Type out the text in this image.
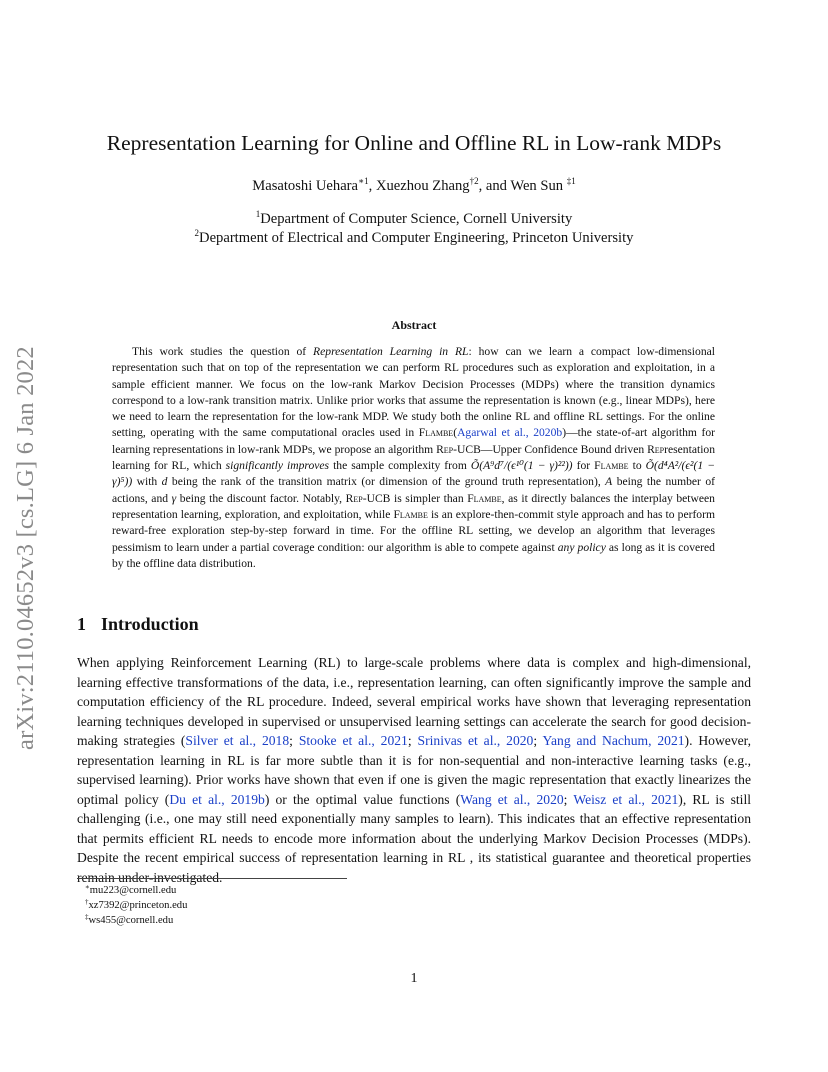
arXiv:2110.04652v3 [cs.LG] 6 Jan 2022
Representation Learning for Online and Offline RL in Low-rank MDPs
Masatoshi Uehara$^{∗1}$, Xuezhou Zhang$^{\dagger 2}$, and Wen Sun $^{\ddagger 1}$
$^1$Department of Computer Science, Cornell University
$^2$Department of Electrical and Computer Engineering, Princeton University
Abstract

This work studies the question of Representation Learning in RL: how can we learn a compact low-dimensional representation such that on top of the representation we can perform RL procedures such as exploration and exploitation, in a sample efficient manner. We focus on the low-rank Markov Decision Processes (MDPs) where the transition dynamics correspond to a low-rank transition matrix. Unlike prior works that assume the representation is known (e.g., linear MDPs), here we need to learn the representation for the low-rank MDP. We study both the online RL and offline RL settings. For the online setting, operating with the same computational oracles used in Flambe(Agarwal et al., 2020b)—the state-of-art algorithm for learning representations in low-rank MDPs, we propose an algorithm Rep-UCB—Upper Confidence Bound driven Representation learning for RL, which significantly improves the sample complexity from Õ(A⁹d⁷/(ϵ¹⁰(1 − γ)²²)) for Flambe to Õ(d⁴A²/(ϵ²(1 − γ)⁵)) with d being the rank of the transition matrix (or dimension of the ground truth representation), A being the number of actions, and γ being the discount factor. Notably, Rep-UCB is simpler than Flambe, as it directly balances the interplay between representation learning, exploration, and exploitation, while Flambe is an explore-then-commit style approach and has to perform reward-free exploration step-by-step forward in time. For the offline RL setting, we develop an algorithm that leverages pessimism to learn under a partial coverage condition: our algorithm is able to compete against any policy as long as it is covered by the offline data distribution.

1 Introduction

When applying Reinforcement Learning (RL) to large-scale problems where data is complex and high-dimensional, learning effective transformations of the data, i.e., representation learning, can often significantly improve the sample and computation efficiency of the RL procedure. Indeed, several empirical works have shown that leveraging representation learning techniques developed in supervised or unsupervised learning settings can accelerate the search for good decision-making strategies (Silver et al., 2018; Stooke et al., 2021; Srinivas et al., 2020; Yang and Nachum, 2021). However, representation learning in RL is far more subtle than it is for non-sequential and non-interactive learning tasks (e.g., supervised learning). Prior works have shown that even if one is given the magic representation that exactly linearizes the optimal policy (Du et al., 2019b) or the optimal value functions (Wang et al., 2020; Weisz et al., 2021), RL is still challenging (i.e., one may still need exponentially many samples to learn). This indicates that an effective representation that permits efficient RL needs to encode more information about the underlying Markov Decision Processes (MDPs). Despite the recent empirical success of representation learning in RL , its statistical guarantee and theoretical properties remain under-investigated.

∗mu223@cornell.edu
†xz7392@princeton.edu
‡ws455@cornell.edu
1
